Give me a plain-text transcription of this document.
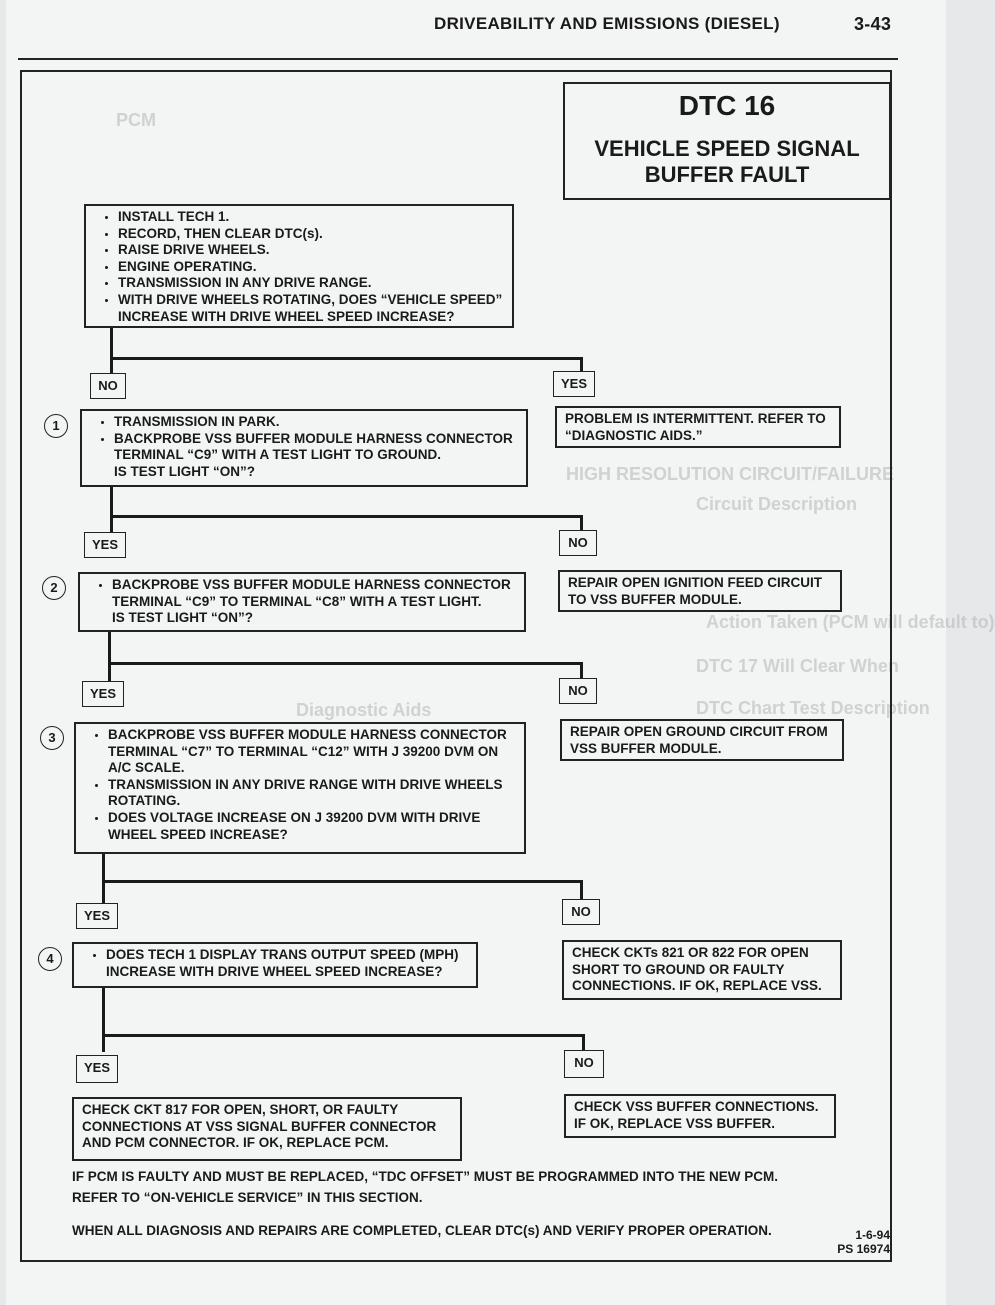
PCM
HIGH RESOLUTION CIRCUIT/FAILURE
Circuit Description
Action Taken (PCM will default to)
DTC 17 Will Clear When
DTC Chart Test Description
Diagnostic Aids
DRIVEABILITY AND EMISSIONS (DIESEL)	3-43
DTC 16
VEHICLE SPEED SIGNAL
BUFFER FAULT
• INSTALL TECH 1.
• RECORD, THEN CLEAR DTC(s).
• RAISE DRIVE WHEELS.
• ENGINE OPERATING.
• TRANSMISSION IN ANY DRIVE RANGE.
• WITH DRIVE WHEELS ROTATING, DOES “VEHICLE SPEED”
INCREASE WITH DRIVE WHEEL SPEED INCREASE?
NO	YES
1	• TRANSMISSION IN PARK.
• BACKPROBE VSS BUFFER MODULE HARNESS CONNECTOR
TERMINAL “C9” WITH A TEST LIGHT TO GROUND.
IS TEST LIGHT “ON”?
PROBLEM IS INTERMITTENT. REFER TO
“DIAGNOSTIC AIDS.”
YES	NO
2	• BACKPROBE VSS BUFFER MODULE HARNESS CONNECTOR
TERMINAL “C9” TO TERMINAL “C8” WITH A TEST LIGHT.
IS TEST LIGHT “ON”?
REPAIR OPEN IGNITION FEED CIRCUIT
TO VSS BUFFER MODULE.
YES	NO
3	• BACKPROBE VSS BUFFER MODULE HARNESS CONNECTOR
TERMINAL “C7” TO TERMINAL “C12” WITH J 39200 DVM ON
A/C SCALE.
• TRANSMISSION IN ANY DRIVE RANGE WITH DRIVE WHEELS
ROTATING.
• DOES VOLTAGE INCREASE ON J 39200 DVM WITH DRIVE
WHEEL SPEED INCREASE?
REPAIR OPEN GROUND CIRCUIT FROM
VSS BUFFER MODULE.
YES	NO
4	• DOES TECH 1 DISPLAY TRANS OUTPUT SPEED (MPH)
INCREASE WITH DRIVE WHEEL SPEED INCREASE?
CHECK CKTs 821 OR 822 FOR OPEN
SHORT TO GROUND OR FAULTY
CONNECTIONS. IF OK, REPLACE VSS.
YES	NO
CHECK CKT 817 FOR OPEN, SHORT, OR FAULTY
CONNECTIONS AT VSS SIGNAL BUFFER CONNECTOR
AND PCM CONNECTOR. IF OK, REPLACE PCM.
CHECK VSS BUFFER CONNECTIONS.
IF OK, REPLACE VSS BUFFER.
IF PCM IS FAULTY AND MUST BE REPLACED, “TDC OFFSET” MUST BE PROGRAMMED INTO THE NEW PCM.
REFER TO “ON-VEHICLE SERVICE” IN THIS SECTION.
WHEN ALL DIAGNOSIS AND REPAIRS ARE COMPLETED, CLEAR DTC(s) AND VERIFY PROPER OPERATION.	1-6-94
PS 16974
